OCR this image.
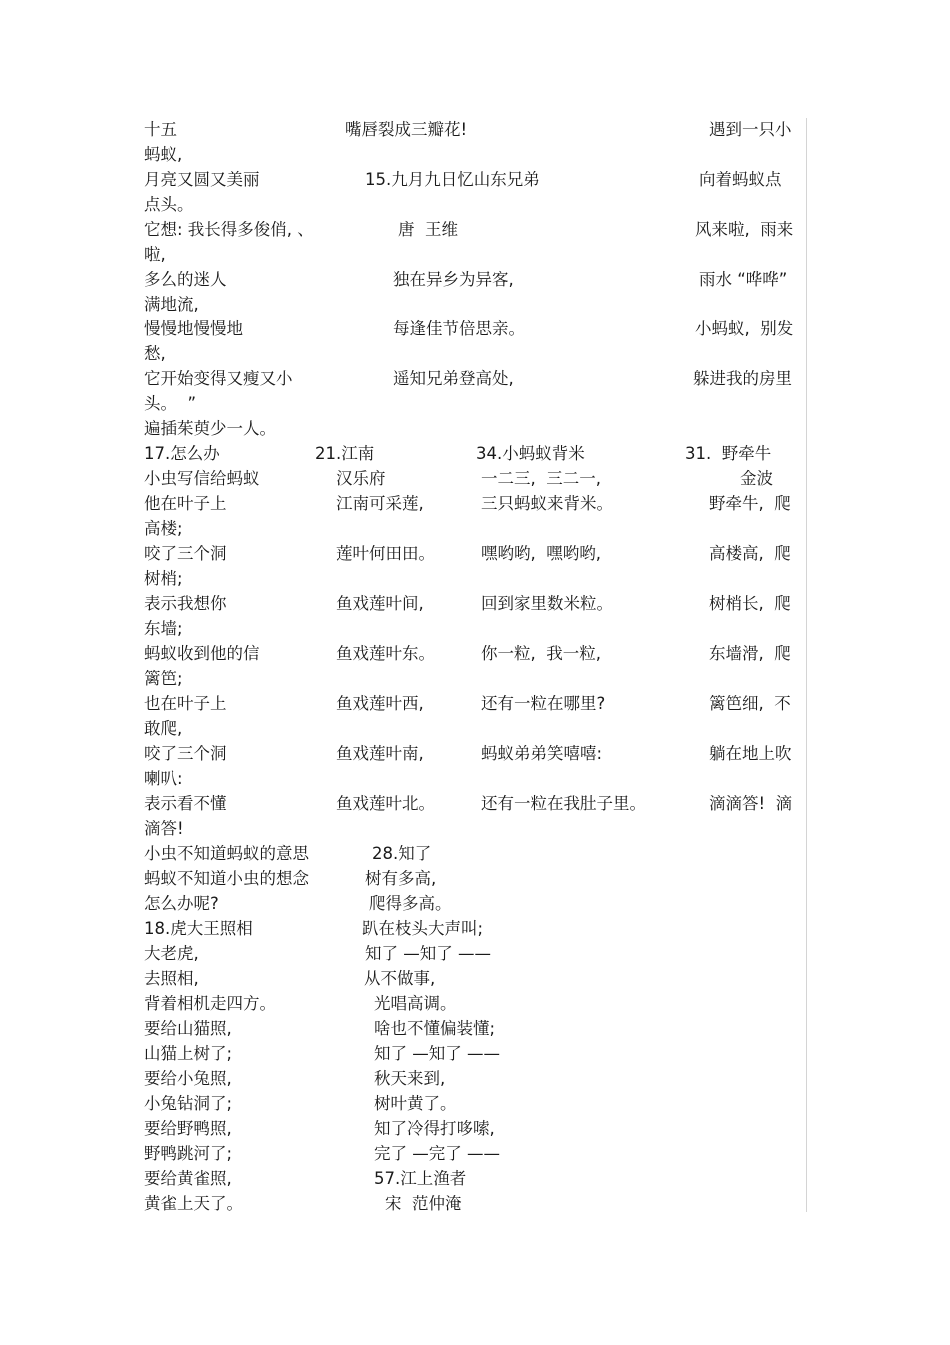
十五	嘴唇裂成三瓣花!	遇到一只小
蚂蚁,
月亮又圆又美丽	15.九月九日忆山东兄弟	向着蚂蚁点
点头。
它想: 我长得多俊俏, 、	唐  王维	风来啦,  雨来
啦,
多么的迷人	独在异乡为异客,	雨水 “哗哗”
满地流,
慢慢地慢慢地	每逢佳节倍思亲。	小蚂蚁,  别发
愁,
它开始变得又瘦又小	遥知兄弟登高处,	躲进我的房里
头。  ”
遍插茱萸少一人。
17.怎么办	21.江南	34.小蚂蚁背米	31.  野牵牛
小虫写信给蚂蚁	汉乐府	一二三,  三二一,	金波
他在叶子上	江南可采莲,	三只蚂蚁来背米。	野牵牛,  爬
高楼;
咬了三个洞	莲叶何田田。	嘿哟哟,  嘿哟哟,	高楼高,  爬
树梢;
表示我想你	鱼戏莲叶间,	回到家里数米粒。	树梢长,  爬
东墙;
蚂蚁收到他的信	鱼戏莲叶东。	你一粒,  我一粒,	东墙滑,  爬
篱笆;
也在叶子上	鱼戏莲叶西,	还有一粒在哪里?	篱笆细,  不
敢爬,
咬了三个洞	鱼戏莲叶南,	蚂蚁弟弟笑嘻嘻:	躺在地上吹
喇叭:
表示看不懂	鱼戏莲叶北。	还有一粒在我肚子里。	滴滴答!  滴
滴答!
小虫不知道蚂蚁的意思	28.知了
蚂蚁不知道小虫的想念	树有多高,
怎么办呢?	爬得多高。
18.虎大王照相	趴在枝头大声叫;
大老虎,	知了 —知了 ——
去照相,	从不做事,
背着相机走四方。	光唱高调。
要给山猫照,	啥也不懂偏装懂;
山猫上树了;	知了 —知了 ——
要给小兔照,	秋天来到,
小兔钻洞了;	树叶黄了。
要给野鸭照,	知了冷得打哆嗦,
野鸭跳河了;	完了 —完了 ——
要给黄雀照,	57.江上渔者
黄雀上天了。	宋  范仲淹
